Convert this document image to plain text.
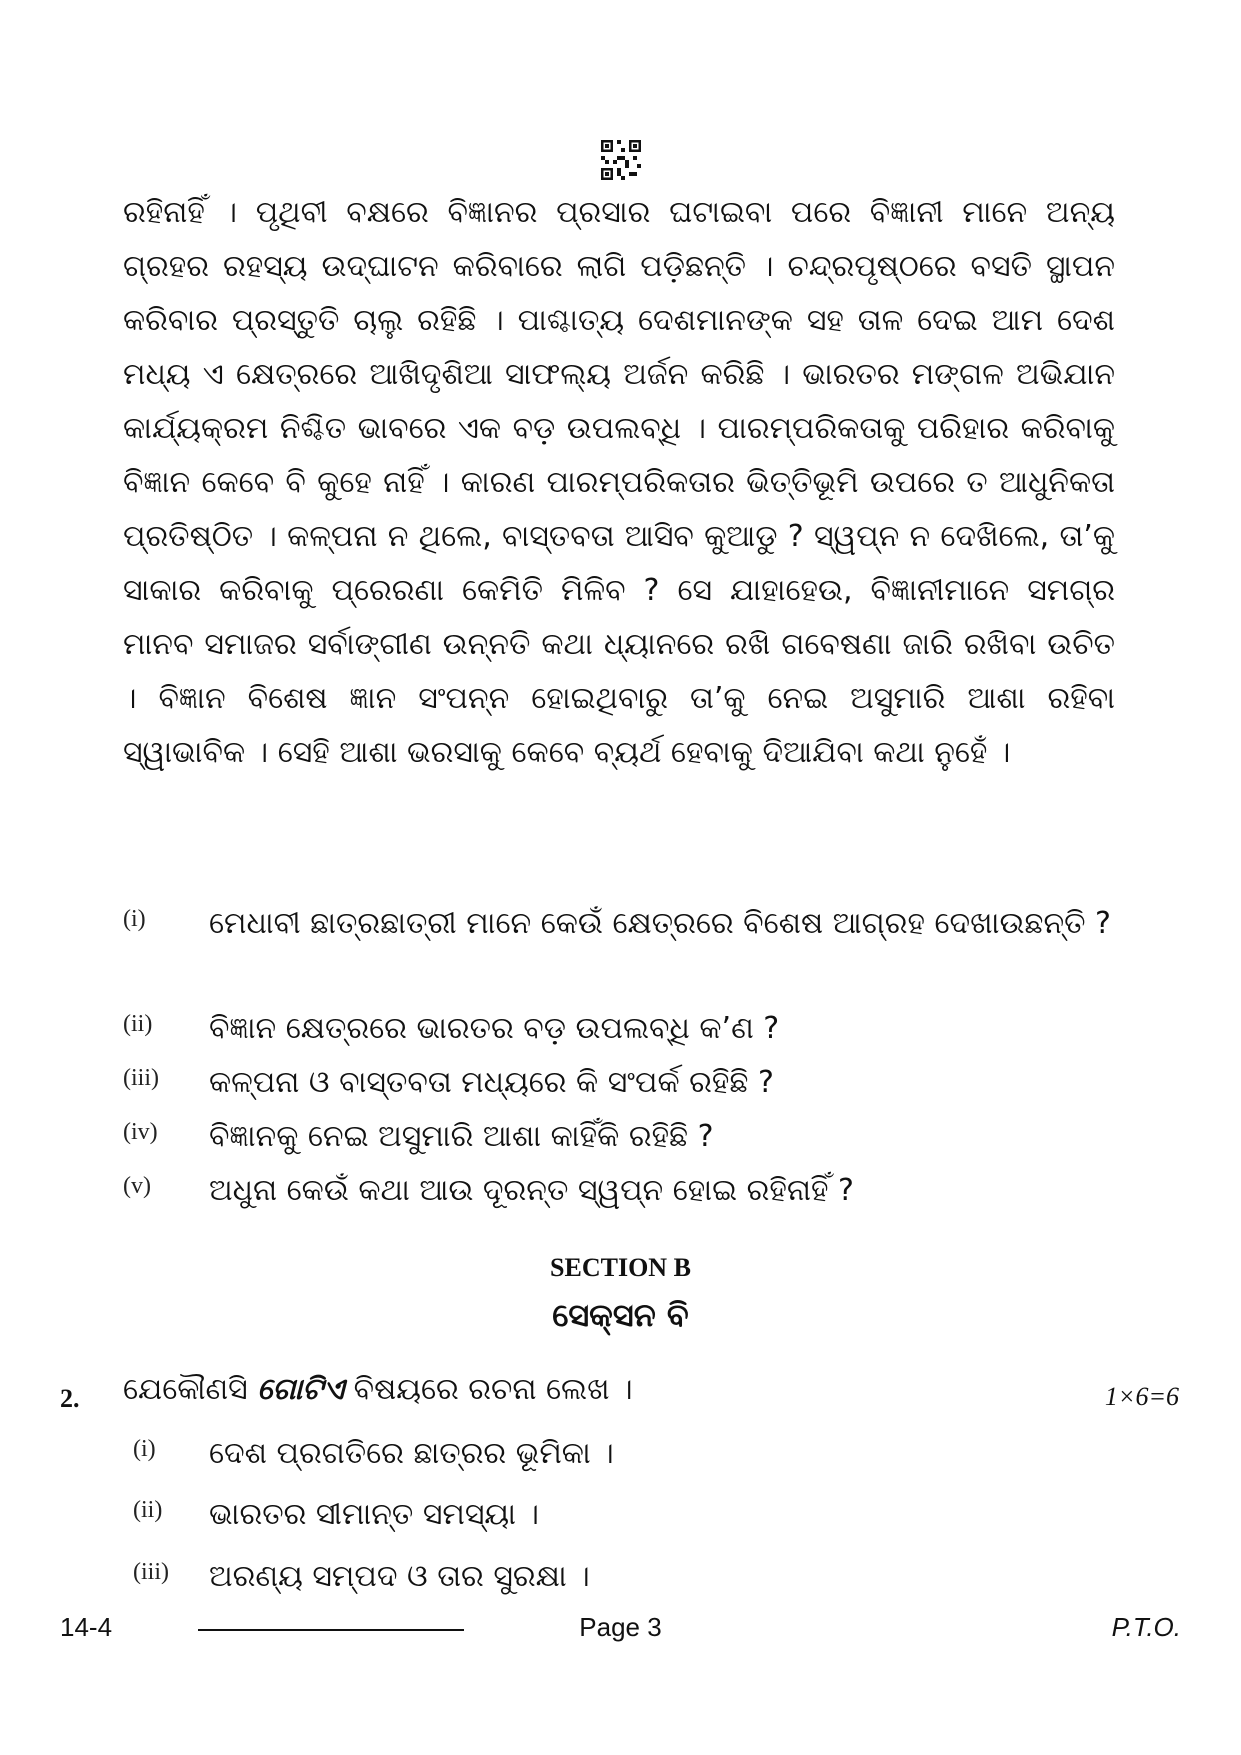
ରହିନାହିଁ । ପୃଥିବୀ ବକ୍ଷରେ ବିଜ୍ଞାନର ପ୍ରସାର ଘଟାଇବା ପରେ ବିଜ୍ଞାନୀ ମାନେ ଅନ୍ୟ ଗ୍ରହର ରହସ୍ୟ ଉଦ୍‌ଘାଟନ କରିବାରେ ଲାଗି ପଡ଼ିଛନ୍ତି । ଚନ୍ଦ୍ରପୃଷ୍ଠରେ ବସତି ସ୍ଥାପନ କରିବାର ପ୍ରସ୍ତୁତି ଚାଲୁ ରହିଛି । ପାଶ୍ଚାତ୍ୟ ଦେଶମାନଙ୍କ ସହ ତାଳ ଦେଇ ଆମ ଦେଶ ମଧ୍ୟ ଏ କ୍ଷେତ୍ରରେ ଆଖିଦୃଶିଆ ସାଫଲ୍ୟ ଅର୍ଜନ କରିଛି । ଭାରତର ମଙ୍ଗଳ ଅଭିଯାନ କାର୍ଯ୍ୟକ୍ରମ ନିଶ୍ଚିତ ଭାବରେ ଏକ ବଡ଼ ଉପଲବ୍ଧି । ପାରମ୍ପରିକତାକୁ ପରିହାର କରିବାକୁ ବିଜ୍ଞାନ କେବେ ବି କୁହେ ନାହିଁ । କାରଣ ପାରମ୍ପରିକତାର ଭିତ୍ତିଭୂମି ଉପରେ ତ ଆଧୁନିକତା ପ୍ରତିଷ୍ଠିତ । କଳ୍ପନା ନ ଥିଲେ, ବାସ୍ତବତା ଆସିବ କୁଆଡୁ ? ସ୍ୱପ୍ନ ନ ଦେଖିଲେ, ତା’କୁ ସାକାର କରିବାକୁ ପ୍ରେରଣା କେମିତି ମିଳିବ ? ସେ ଯାହାହେଉ, ବିଜ୍ଞାନୀମାନେ ସମଗ୍ର ମାନବ ସମାଜର ସର୍ବାଙ୍ଗୀଣ ଉନ୍ନତି କଥା ଧ୍ୟାନରେ ରଖି ଗବେଷଣା ଜାରି ରଖିବା ଉଚିତ । ବିଜ୍ଞାନ ବିଶେଷ ଜ୍ଞାନ ସଂପନ୍ନ ହୋଇଥିବାରୁ ତା’କୁ ନେଇ ଅସୁମାରି ଆଶା ରହିବା ସ୍ୱାଭାବିକ । ସେହି ଆଶା ଭରସାକୁ କେବେ ବ୍ୟର୍ଥ ହେବାକୁ ଦିଆଯିବା କଥା ନୁହେଁ ।

(i)	ମେଧାବୀ ଛାତ୍ରଛାତ୍ରୀ ମାନେ କେଉଁ କ୍ଷେତ୍ରରେ ବିଶେଷ ଆଗ୍ରହ ଦେଖାଉଛନ୍ତି ?
(ii)	ବିଜ୍ଞାନ କ୍ଷେତ୍ରରେ ଭାରତର ବଡ଼ ଉପଲବ୍ଧି କ’ଣ ?
(iii)	କଳ୍ପନା ଓ ବାସ୍ତବତା ମଧ୍ୟରେ କି ସଂପର୍କ ରହିଛି ?
(iv)	ବିଜ୍ଞାନକୁ ନେଇ ଅସୁମାରି ଆଶା କାହିଁକି ରହିଛି ?
(v)	ଅଧୁନା କେଉଁ କଥା ଆଉ ଦୂରନ୍ତ ସ୍ୱପ୍ନ ହୋଇ ରହିନାହିଁ ?
SECTION B
ସେକ୍ସନ ବି
2. ଯେକୌଣସି ଗୋଟିଏ ବିଷୟରେ ରଚନା ଲେଖ ।	1×6=6
(i)	ଦେଶ ପ୍ରଗତିରେ ଛାତ୍ରର ଭୂମିକା ।
(ii)	ଭାରତର ସୀମାନ୍ତ ସମସ୍ୟା ।
(iii)	ଅରଣ୍ୟ ସମ୍ପଦ ଓ ତାର ସୁରକ୍ଷା ।
14-4	Page 3	P.T.O.
